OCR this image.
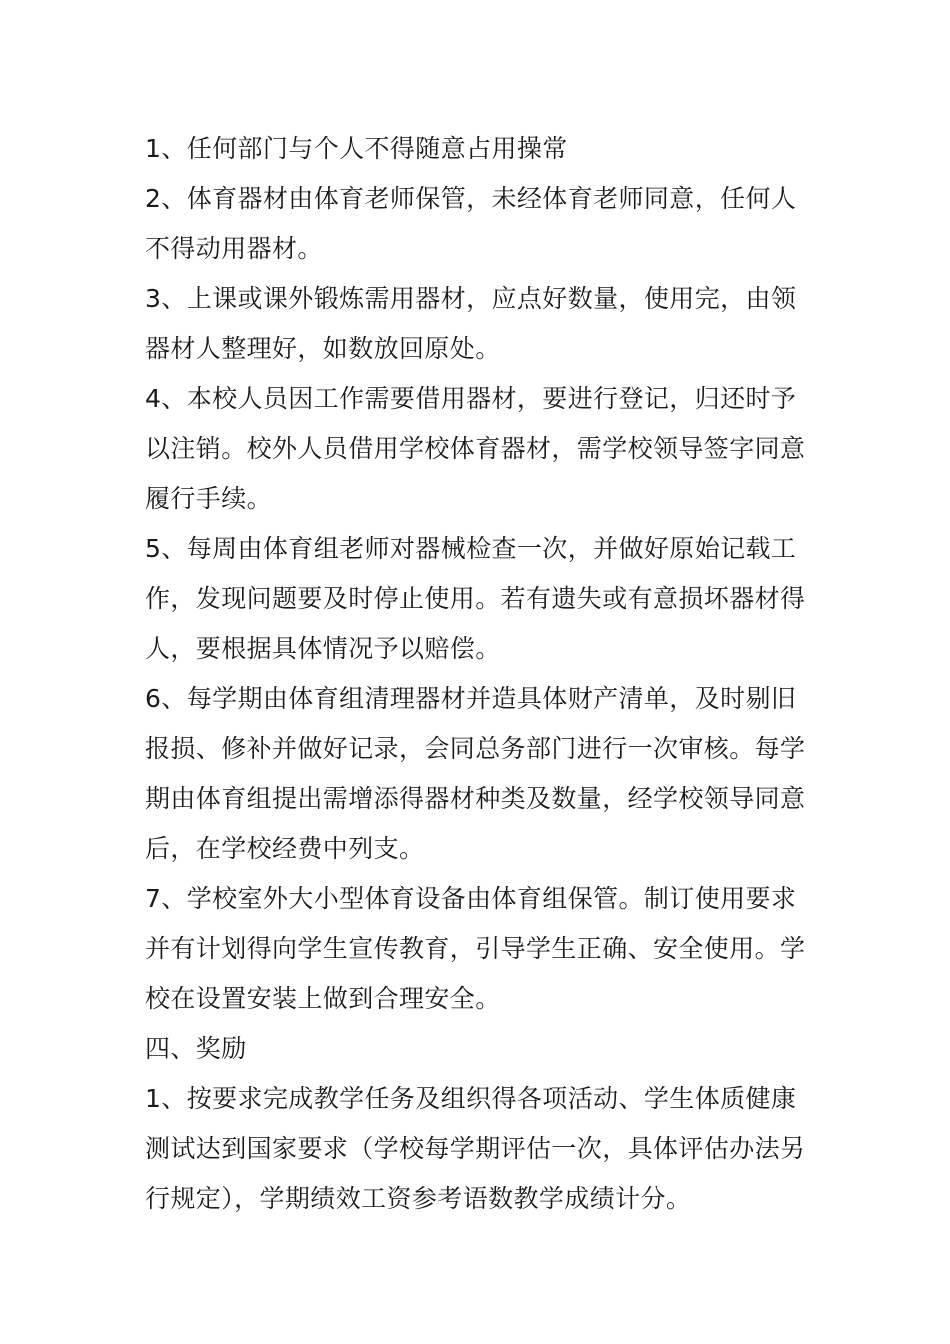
1、任何部门与个人不得随意占用操常

2、体育器材由体育老师保管，未经体育老师同意，任何人不得动用器材。

3、上课或课外锻炼需用器材，应点好数量，使用完，由领器材人整理好，如数放回原处。

4、本校人员因工作需要借用器材，要进行登记，归还时予以注销。校外人员借用学校体育器材，需学校领导签字同意履行手续。

5、每周由体育组老师对器械检查一次，并做好原始记载工作，发现问题要及时停止使用。若有遗失或有意损坏器材得人，要根据具体情况予以赔偿。

6、每学期由体育组清理器材并造具体财产清单，及时剔旧报损、修补并做好记录，会同总务部门进行一次审核。每学期由体育组提出需增添得器材种类及数量，经学校领导同意后，在学校经费中列支。

7、学校室外大小型体育设备由体育组保管。制订使用要求并有计划得向学生宣传教育，引导学生正确、安全使用。学校在设置安装上做到合理安全。

四、奖励

1、按要求完成教学任务及组织得各项活动、学生体质健康测试达到国家要求（学校每学期评估一次，具体评估办法另行规定），学期绩效工资参考语数教学成绩计分。
